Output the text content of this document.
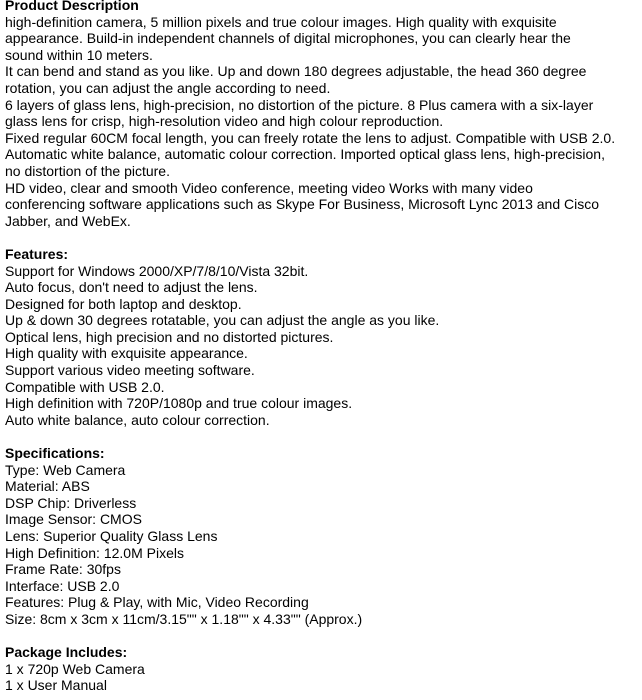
Product Description

high-definition camera, 5 million pixels and true colour images. High quality with exquisite

appearance. Build-in independent channels of digital microphones, you can clearly hear the

sound within 10 meters.

It can bend and stand as you like. Up and down 180 degrees adjustable, the head 360 degree

rotation, you can adjust the angle according to need.

6 layers of glass lens, high-precision, no distortion of the picture. 8 Plus camera with a six-layer

glass lens for crisp, high-resolution video and high colour reproduction.

Fixed regular 60CM focal length, you can freely rotate the lens to adjust. Compatible with USB 2.0.

Automatic white balance, automatic colour correction. Imported optical glass lens, high-precision,

no distortion of the picture.

HD video, clear and smooth Video conference, meeting video Works with many video

conferencing software applications such as Skype For Business, Microsoft Lync 2013 and Cisco

Jabber, and WebEx.

Features:

Support for Windows 2000/XP/7/8/10/Vista 32bit.

Auto focus, don't need to adjust the lens.

Designed for both laptop and desktop.

Up & down 30 degrees rotatable, you can adjust the angle as you like.

Optical lens, high precision and no distorted pictures.

High quality with exquisite appearance.

Support various video meeting software.

Compatible with USB 2.0.

High definition with 720P/1080p and true colour images.

Auto white balance, auto colour correction.

Specifications:

Type: Web Camera

Material: ABS

DSP Chip: Driverless

Image Sensor: CMOS

Lens: Superior Quality Glass Lens

High Definition: 12.0M Pixels

Frame Rate: 30fps

Interface: USB 2.0

Features: Plug & Play, with Mic, Video Recording

Size: 8cm x 3cm x 11cm/3.15"" x 1.18"" x 4.33"" (Approx.)

Package Includes:

1 x 720p Web Camera

1 x User Manual
